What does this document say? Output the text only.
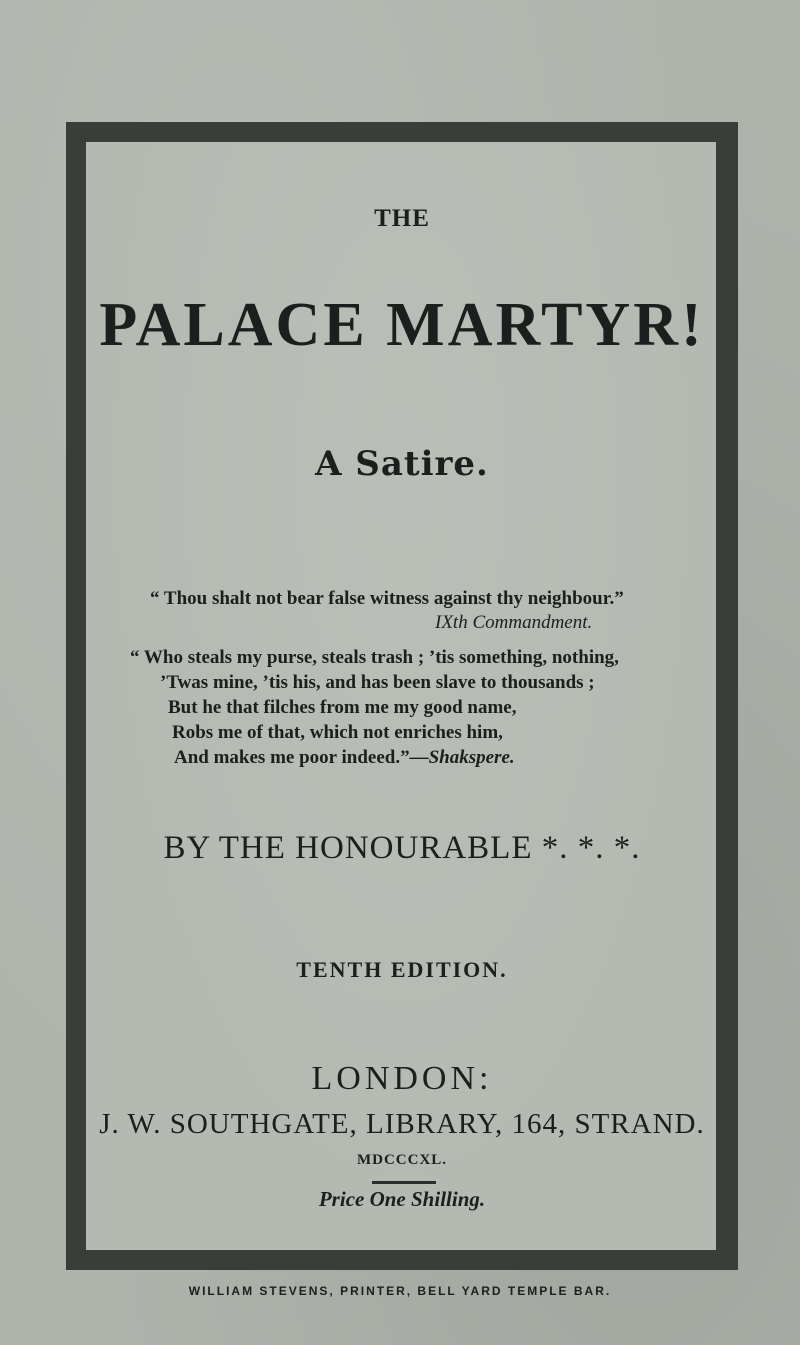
THE

PALACE MARTYR!

A Satire.

“ Thou shalt not bear false witness against thy neighbour.”

IXth Commandment.

“ Who steals my purse, steals trash ; ’tis something, nothing,
’Twas mine, ’tis his, and has been slave to thousands ;
But he that filches from me my good name,
Robs me of that, which not enriches him,
And makes me poor indeed.”—Shakspere.

BY THE HONOURABLE *. *. *.

TENTH EDITION.

LONDON:

J. W. SOUTHGATE, LIBRARY, 164, STRAND.

MDCCCXL.

Price One Shilling.

WILLIAM STEVENS, PRINTER, BELL YARD TEMPLE BAR.
